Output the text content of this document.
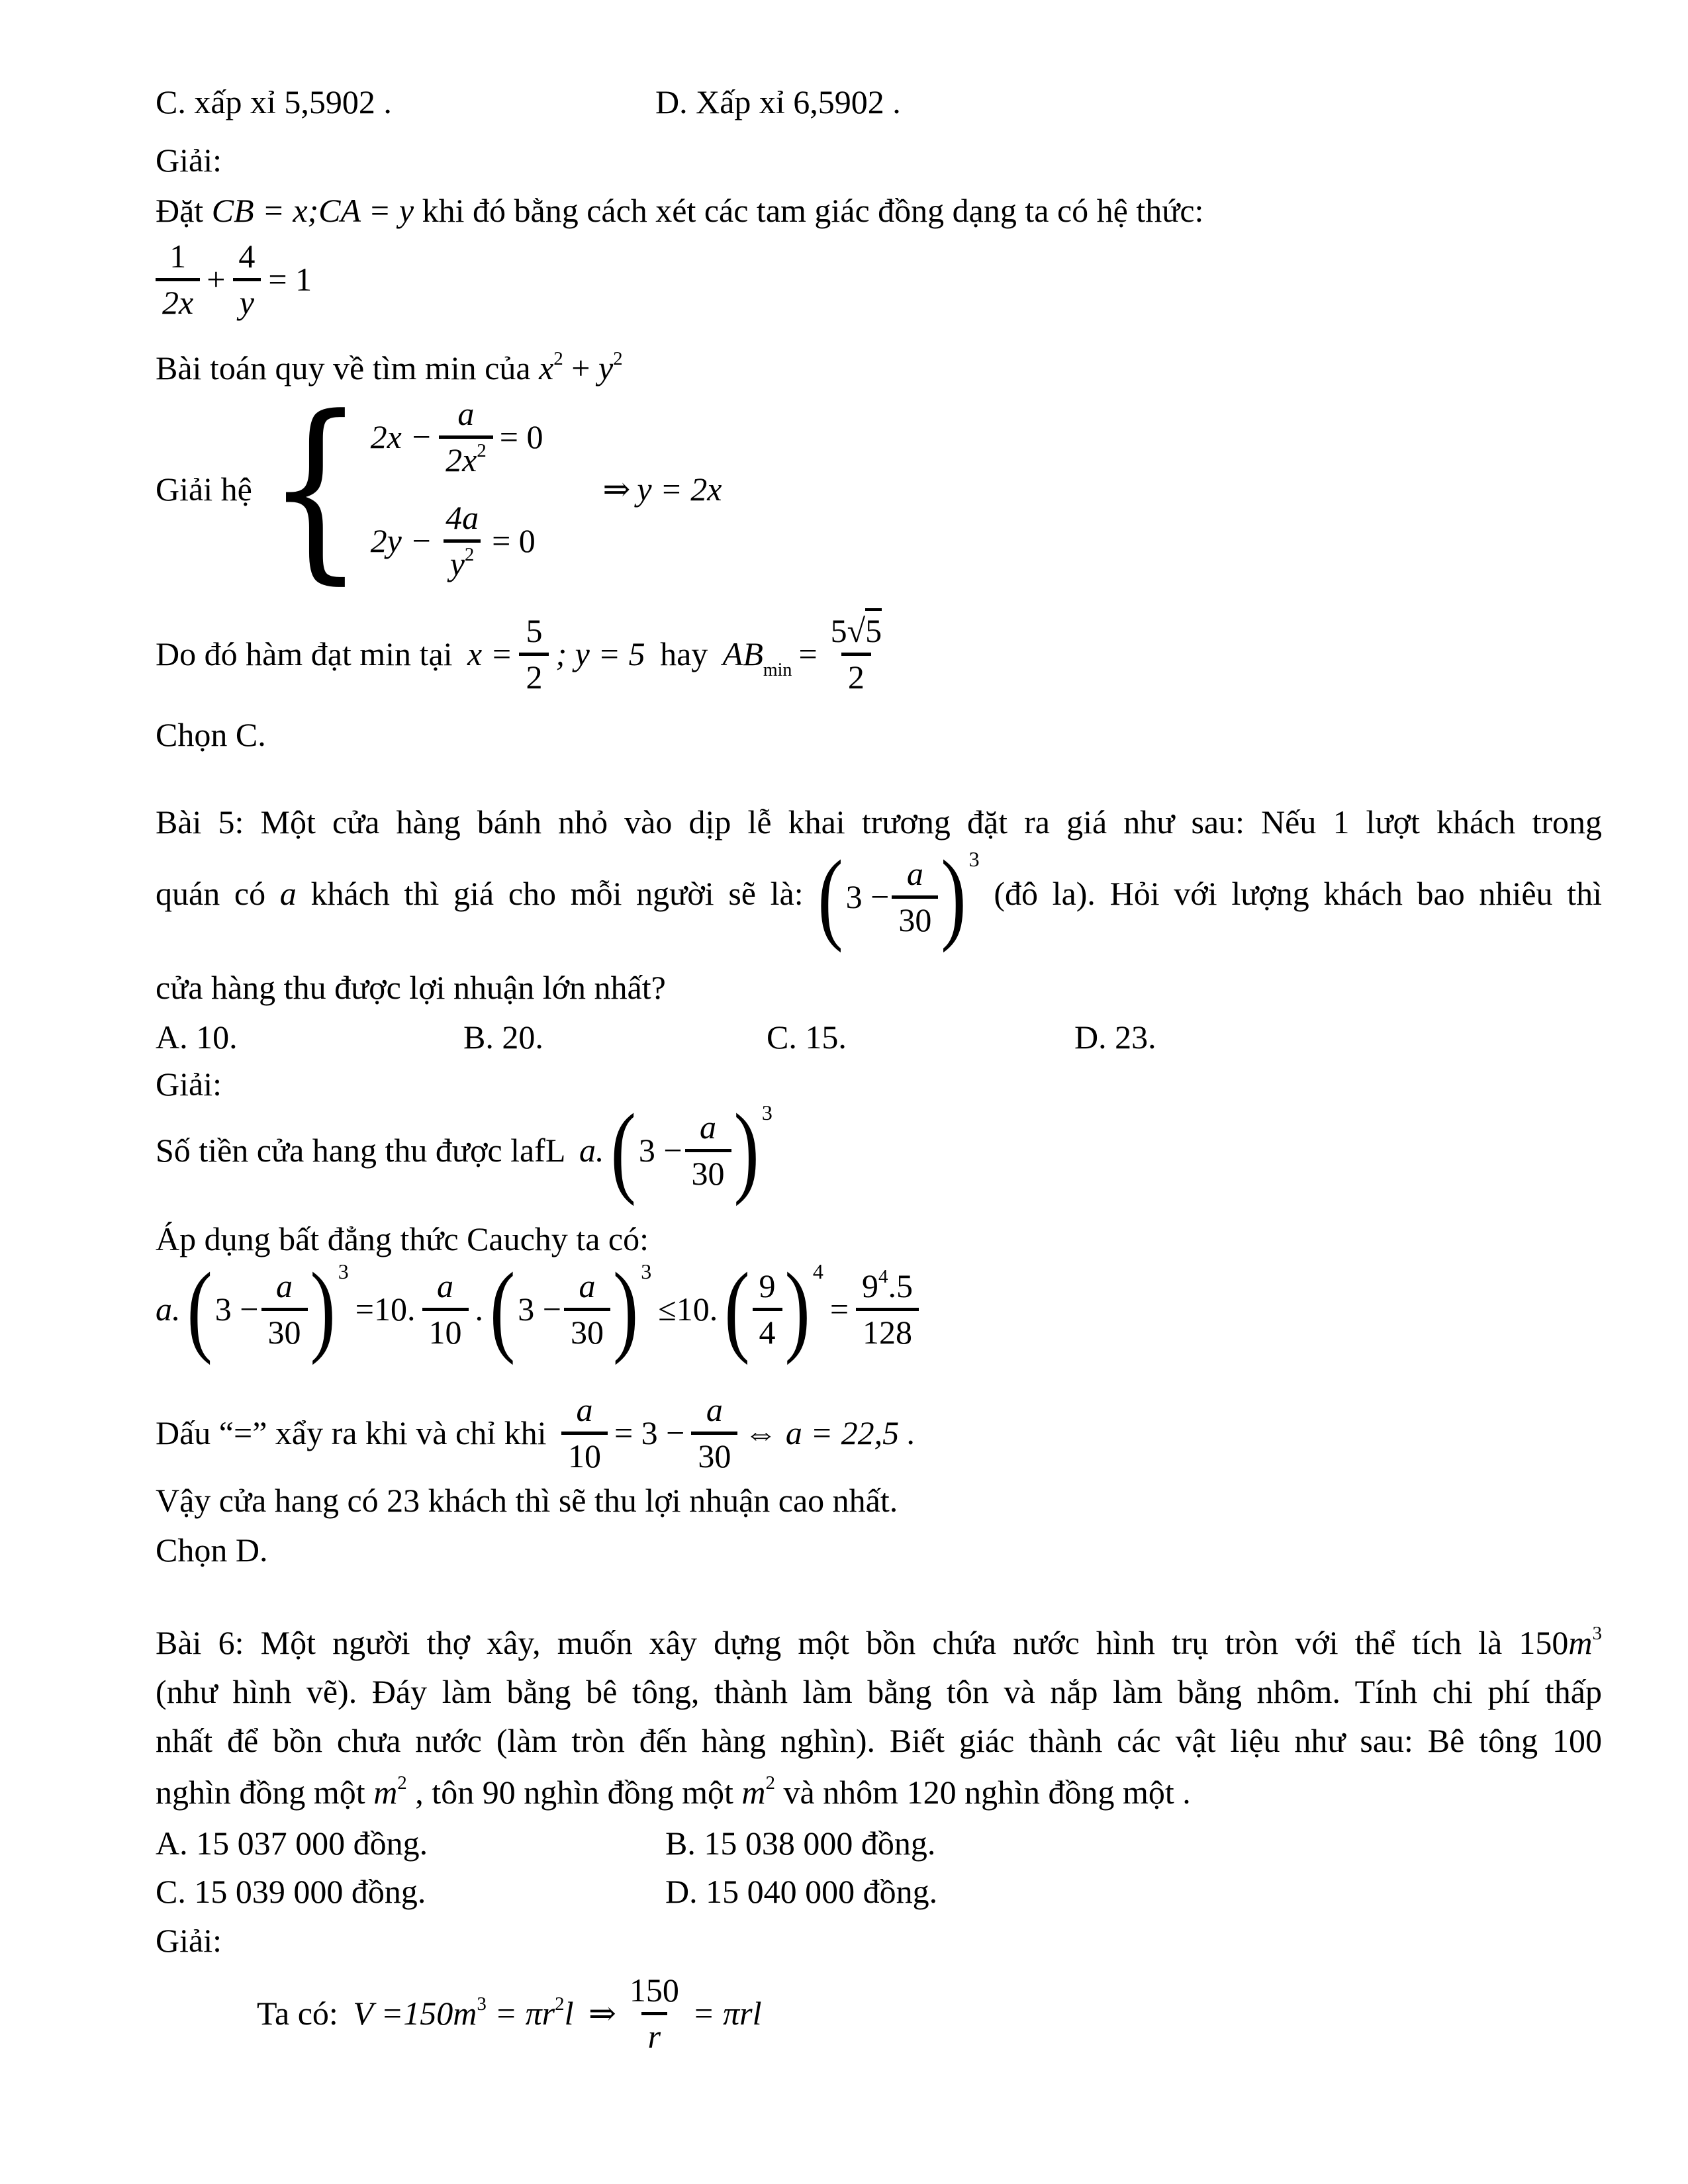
C. xấp xỉ 5,5902 .	D. Xấp xỉ 6,5902 .
Giải:
Đặt CB = x;CA = y khi đó bằng cách xét các tam giác đồng dạng ta có hệ thức:
$\frac{1}{2x} + \frac{4}{y} = 1$
Bài toán quy về tìm min của $x^2 + y^2$
Giải hệ { $2x - \frac{a}{2x^2} = 0$
$2y - \frac{4a}{y^2} = 0$
⇒ y = 2x
Do đó hàm đạt min tại $x = \frac{5}{2}$ ; y = 5 hay $AB_{min} = \frac{5√5}{2}$
Chọn C.
Bài 5: Một cửa hàng bánh nhỏ vào dịp lễ khai trương đặt ra giá như sau: Nếu 1 lượt khách trong
quán có a khách thì giá cho mỗi người sẽ là: ( $3 - \frac{a}{30}$ ) 3
(đô la). Hỏi với lượng khách bao nhiêu thì
cửa hàng thu được lợi nhuận lớn nhất?
A. 10.	B. 20.	C. 15.	D. 23.
Giải:
Số tiền cửa hang thu được lafL a. ( $3 - \frac{a}{30}$ ) 3
Áp dụng bất đẳng thức Cauchy ta có:
a. ( $3 - \frac{a}{30}$ ) 3
=10. $\frac{a}{10}$ . ( $3 - \frac{a}{30}$ ) 3
≤10. ( $\frac{9}{4}$ ) 4
= $\frac{9^4.5}{128}$
Dấu “=” xẩy ra khi và chỉ khi $\frac{a}{10} = 3 - \frac{a}{30}$ ⇔ a = 22,5 .
Vậy cửa hang có 23 khách thì sẽ thu lợi nhuận cao nhất.
Chọn D.
Bài 6: Một người thợ xây, muốn xây dựng một bồn chứa nước hình trụ tròn với thể tích là $150m^3$
(như hình vẽ). Đáy làm bằng bê tông, thành làm bằng tôn và nắp làm bằng nhôm. Tính chi phí thấp
nhất để bồn chưa nước (làm tròn đến hàng nghìn). Biết giác thành các vật liệu như sau: Bê tông 100
nghìn đồng một $m^2$ , tôn 90 nghìn đồng một $m^2$ và nhôm 120 nghìn đồng một .
A. 15 037 000 đồng.	B. 15 038 000 đồng.
C. 15 039 000 đồng.	D. 15 040 000 đồng.
Giải:
Ta có: $V =150m^3 = \pi r^2l$ ⇒ $\frac{150}{r} = \pi rl$
